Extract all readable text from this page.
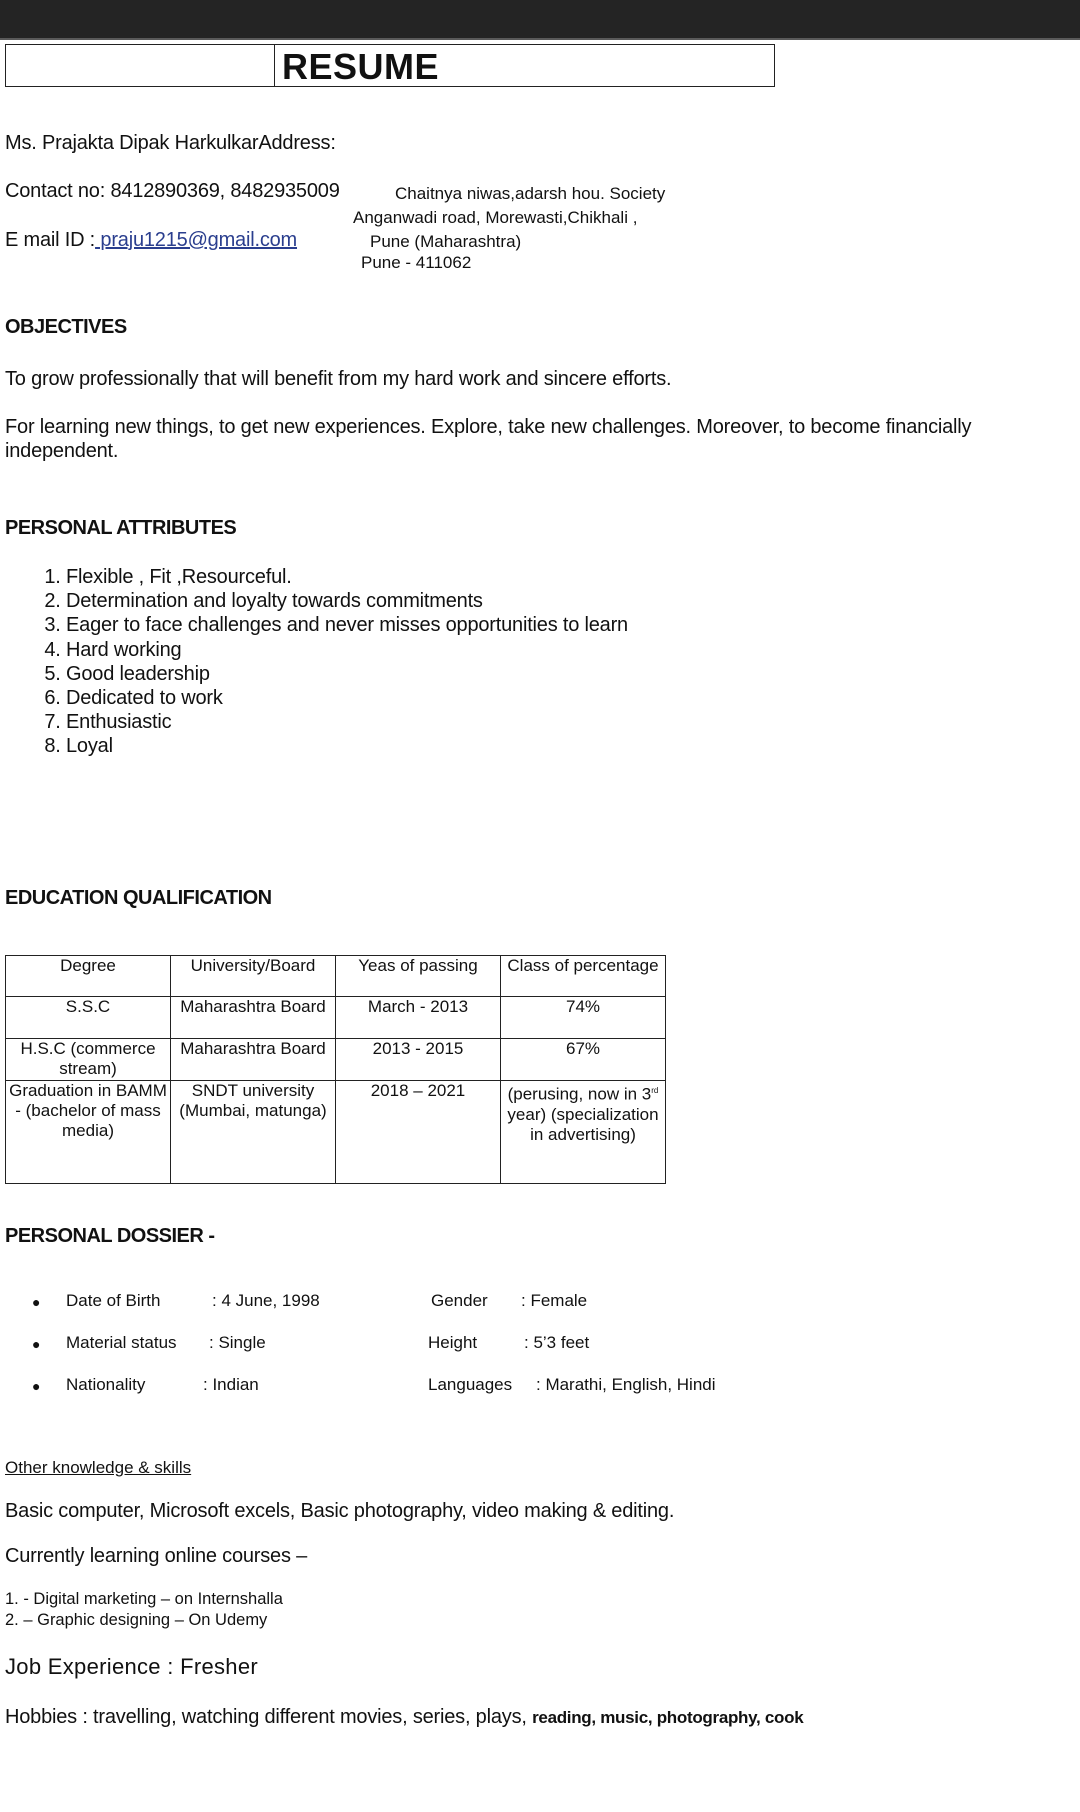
RESUME
Ms. Prajakta Dipak HarkulkarAddress:
Contact no: 8412890369, 8482935009
E mail ID : praju1215@gmail.com
Chaitnya niwas,adarsh hou. Society
Anganwadi road, Morewasti,Chikhali ,
Pune (Maharashtra)
Pune - 411062
OBJECTIVES
To grow professionally that will benefit from my hard work and sincere efforts.
For learning new things, to get new experiences. Explore, take new challenges. Moreover, to become financially
independent.
PERSONAL ATTRIBUTES
1. Flexible , Fit ,Resourceful.
2. Determination and loyalty towards commitments
3. Eager to face challenges and never misses opportunities to learn
4. Hard working
5. Good leadership
6. Dedicated to work
7. Enthusiastic
8. Loyal
EDUCATION QUALIFICATION
Degree	University/Board	Yeas of passing	Class of percentage
S.S.C	Maharashtra Board	March - 2013	74%
H.S.C (commerce stream)	Maharashtra Board	2013 - 2015	67%
Graduation in BAMM - (bachelor of mass media)	SNDT university (Mumbai, matunga)	2018 – 2021	(perusing, now in 3rd year) (specialization in advertising)
PERSONAL DOSSIER -
● Date of Birth	: 4 June, 1998	Gender : Female
● Material status : Single	Height	: 5’3 feet
● Nationality	: Indian	Languages : Marathi, English, Hindi
Other knowledge & skills
Basic computer, Microsoft excels, Basic photography, video making & editing.
Currently learning online courses –
1. - Digital marketing – on Internshalla
2. – Graphic designing – On Udemy
Job Experience : Fresher
Hobbies : travelling, watching different movies, series, plays, reading, music, photography, cook
